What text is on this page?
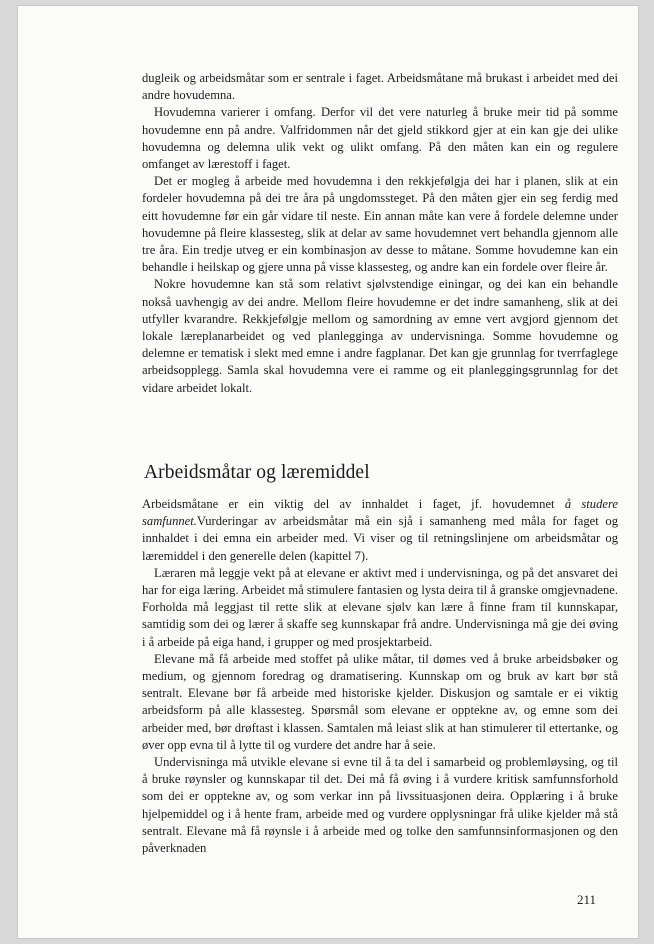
dugleik og arbeidsmåtar som er sentrale i faget. Arbeidsmåtane må brukast i arbeidet med dei andre hovudemna.

Hovudemna varierer i omfang. Derfor vil det vere naturleg å bruke meir tid på somme hovudemne enn på andre. Valfridommen når det gjeld stikkord gjer at ein kan gje dei ulike hovudemna og delemna ulik vekt og ulikt omfang. På den måten kan ein og regulere omfanget av lærestoff i faget.

Det er mogleg å arbeide med hovudemna i den rekkjefølgja dei har i planen, slik at ein fordeler hovudemna på dei tre åra på ungdomssteget. På den måten gjer ein seg ferdig med eitt hovudemne før ein går vidare til neste. Ein annan måte kan vere å fordele delemne under hovudemne på fleire klassesteg, slik at delar av same hovudemnet vert behandla gjennom alle tre åra. Ein tredje utveg er ein kombinasjon av desse to måtane. Somme hovudemne kan ein behandle i heilskap og gjere unna på visse klassesteg, og andre kan ein fordele over fleire år.

Nokre hovudemne kan stå som relativt sjølvstendige einingar, og dei kan ein behandle nokså uavhengig av dei andre. Mellom fleire hovudemne er det indre samanheng, slik at dei utfyller kvarandre. Rekkjefølgje mellom og samordning av emne vert avgjord gjennom det lokale læreplanarbeidet og ved planlegginga av undervisninga. Somme hovudemne og delemne er tematisk i slekt med emne i andre fagplanar. Det kan gje grunnlag for tverrfaglege arbeidsopplegg. Samla skal hovudemna vere ei ramme og eit planleggingsgrunnlag for det vidare arbeidet lokalt.

Arbeidsmåtar og læremiddel

Arbeidsmåtane er ein viktig del av innhaldet i faget, jf. hovudemnet å studere samfunnet.Vurderingar av arbeidsmåtar må ein sjå i samanheng med måla for faget og innhaldet i dei emna ein arbeider med. Vi viser og til retningslinjene om arbeidsmåtar og læremiddel i den generelle delen (kapittel 7).

Læraren må leggje vekt på at elevane er aktivt med i undervisninga, og på det ansvaret dei har for eiga læring. Arbeidet må stimulere fantasien og lysta deira til å granske omgjevnadene. Forholda må leggjast til rette slik at elevane sjølv kan lære å finne fram til kunnskapar, samtidig som dei og lærer å skaffe seg kunnskapar frå andre. Undervisninga må gje dei øving i å arbeide på eiga hand, i grupper og med prosjektarbeid.

Elevane må få arbeide med stoffet på ulike måtar, til dømes ved å bruke arbeidsbøker og medium, og gjennom foredrag og dramatisering. Kunnskap om og bruk av kart bør stå sentralt. Elevane bør få arbeide med historiske kjelder. Diskusjon og samtale er ei viktig arbeidsform på alle klassesteg. Spørsmål som elevane er opptekne av, og emne som dei arbeider med, bør drøftast i klassen. Samtalen må leiast slik at han stimulerer til ettertanke, og øver opp evna til å lytte til og vurdere det andre har å seie.

Undervisninga må utvikle elevane si evne til å ta del i samarbeid og problemløysing, og til å bruke røynsler og kunnskapar til det. Dei må få øving i å vurdere kritisk samfunnsforhold som dei er opptekne av, og som verkar inn på livssituasjonen deira. Opplæring i å bruke hjelpemiddel og i å hente fram, arbeide med og vurdere opplysningar frå ulike kjelder må stå sentralt. Elevane må få røynsle i å arbeide med og tolke den samfunnsinformasjonen og den påverknaden

211
